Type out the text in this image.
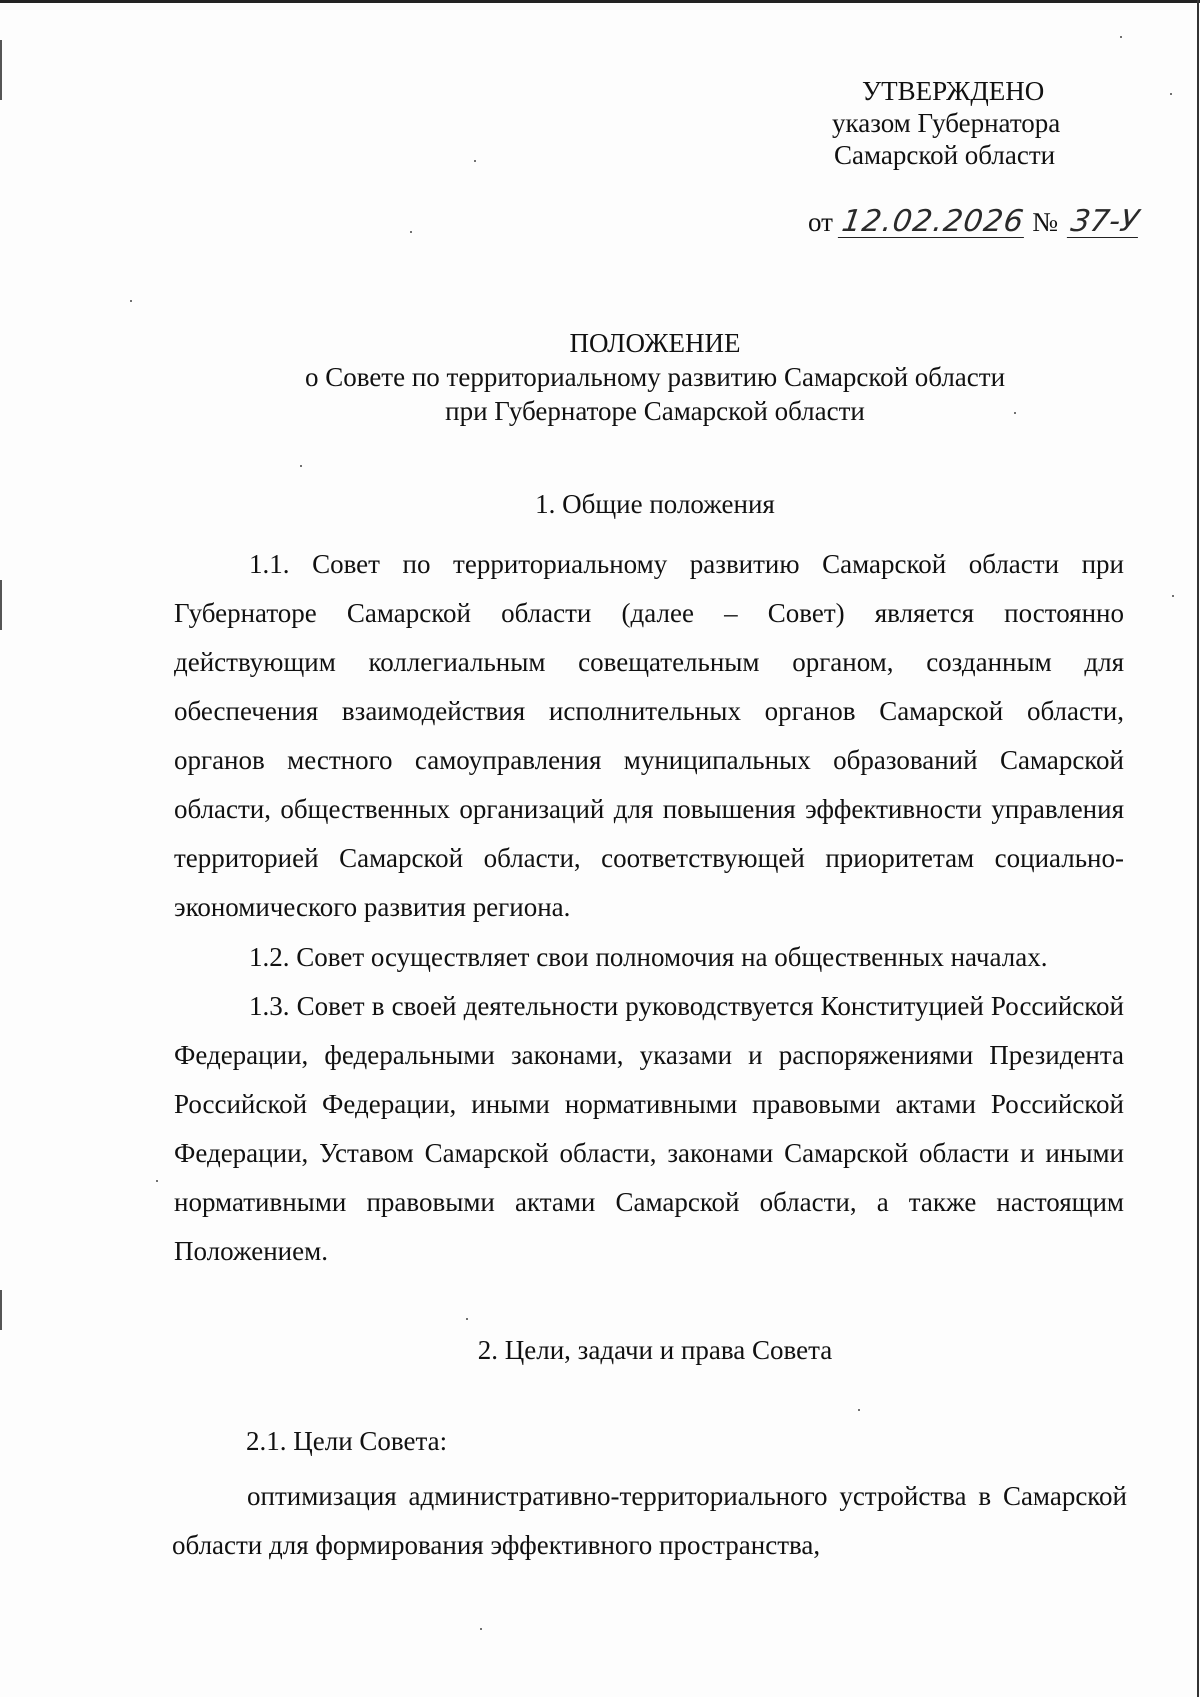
УТВЕРЖДЕНО
указом Губернатора
Самарской области
от 12.02.2026 № 37-У
ПОЛОЖЕНИЕ
о Совете по территориальному развитию Самарской области
при Губернаторе Самарской области
1. Общие положения

1.1. Совет по территориальному развитию Самарской области при Губернаторе Самарской области (далее – Совет) является постоянно действующим коллегиальным совещательным органом, созданным для обеспечения взаимодействия исполнительных органов Самарской области, органов местного самоуправления муниципальных образований Самарской области, общественных организаций для повышения эффективности управления территорией Самарской области, соответствующей приоритетам социально-экономического развития региона.

1.2. Совет осуществляет свои полномочия на общественных началах.

1.3. Совет в своей деятельности руководствуется Конституцией Российской Федерации, федеральными законами, указами и распоряжениями Президента Российской Федерации, иными нормативными правовыми актами Российской Федерации, Уставом Самарской области, законами Самарской области и иными нормативными правовыми актами Самарской области, а также настоящим Положением.

2. Цели, задачи и права Совета
2.1. Цели Совета:

оптимизация административно-территориального устройства в Самарской области для формирования эффективного пространства,
